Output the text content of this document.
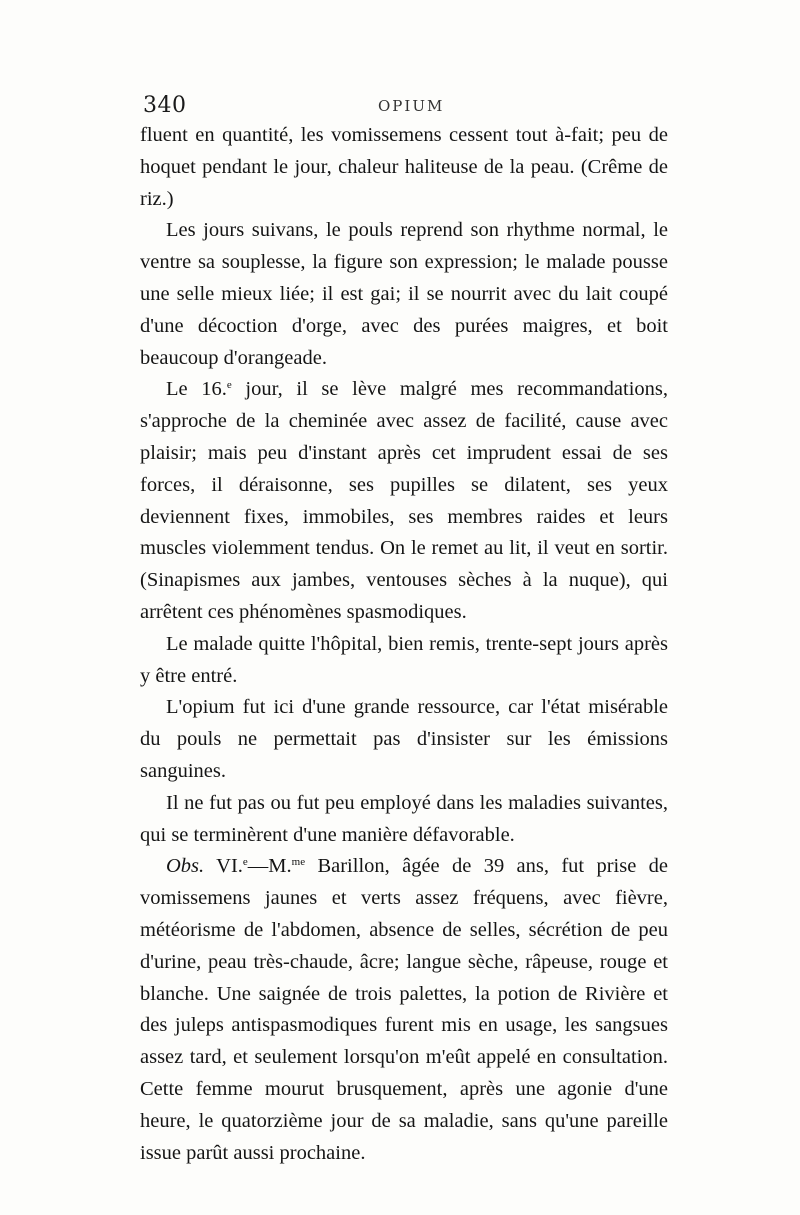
340	OPIUM

fluent en quantité, les vomissemens cessent tout à-fait; peu de hoquet pendant le jour, chaleur haliteuse de la peau. (Crême de riz.)

Les jours suivans, le pouls reprend son rhythme normal, le ventre sa souplesse, la figure son expression; le malade pousse une selle mieux liée; il est gai; il se nourrit avec du lait coupé d'une décoction d'orge, avec des purées maigres, et boit beaucoup d'orangeade.

Le 16.$^e$ jour, il se lève malgré mes recommandations, s'approche de la cheminée avec assez de facilité, cause avec plaisir; mais peu d'instant après cet imprudent essai de ses forces, il déraisonne, ses pupilles se dilatent, ses yeux deviennent fixes, immobiles, ses membres raides et leurs muscles violemment tendus. On le remet au lit, il veut en sortir. (Sinapismes aux jambes, ventouses sèches à la nuque), qui arrêtent ces phénomènes spasmodiques.

Le malade quitte l'hôpital, bien remis, trente-sept jours après y être entré.

L'opium fut ici d'une grande ressource, car l'état misérable du pouls ne permettait pas d'insister sur les émissions sanguines.

Il ne fut pas ou fut peu employé dans les maladies suivantes, qui se terminèrent d'une manière défavorable.

Obs. VI.$^e$—M.$^{me}$ Barillon, âgée de 39 ans, fut prise de vomissemens jaunes et verts assez fréquens, avec fièvre, météorisme de l'abdomen, absence de selles, sécrétion de peu d'urine, peau très-chaude, âcre; langue sèche, râpeuse, rouge et blanche. Une saignée de trois palettes, la potion de Rivière et des juleps antispasmodiques furent mis en usage, les sangsues assez tard, et seulement lorsqu'on m'eût appelé en consultation. Cette femme mourut brusquement, après une agonie d'une heure, le quatorzième jour de sa maladie, sans qu'une pareille issue parût aussi prochaine.
